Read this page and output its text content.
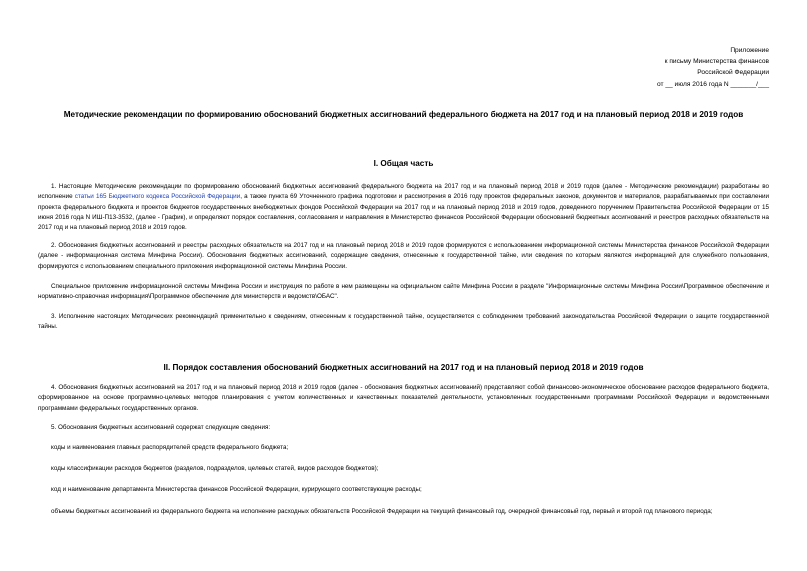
Приложение
к письму Министерства финансов
Российской Федерации
от __ июля 2016 года N _______/___
Методические рекомендации по формированию обоснований бюджетных ассигнований федерального бюджета на 2017 год и на плановый период 2018 и 2019 годов
I. Общая часть
1. Настоящие Методические рекомендации по формированию обоснований бюджетных ассигнований федерального бюджета на 2017 год и на плановый период 2018 и 2019 годов (далее - Методические рекомендации) разработаны во исполнение статьи 165 Бюджетного кодекса Российской Федерации, а также пункта 69 Уточненного графика подготовки и рассмотрения в 2016 году проектов федеральных законов, документов и материалов, разрабатываемых при составлении проекта федерального бюджета и проектов бюджетов государственных внебюджетных фондов Российской Федерации на 2017 год и на плановый период 2018 и 2019 годов, доведенного поручением Правительства Российской Федерации от 15 июня 2016 года N ИШ-П13-3532, (далее - График), и определяют порядок составления, согласования и направления в Министерство финансов Российской Федерации обоснований бюджетных ассигнований и реестров расходных обязательств на 2017 год и на плановый период 2018 и 2019 годов.
2. Обоснования бюджетных ассигнований и реестры расходных обязательств на 2017 год и на плановый период 2018 и 2019 годов формируются с использованием информационной системы Министерства финансов Российской Федерации (далее - информационная система Минфина России). Обоснования бюджетных ассигнований, содержащие сведения, отнесенные к государственной тайне, или сведения по которым являются информацией для служебного пользования, формируются с использованием специального приложения информационной системы Минфина России.
Специальное приложение информационной системы Минфина России и инструкция по работе в нем размещены на официальном сайте Минфина России в разделе "Информационные системы Минфина России\Программное обеспечение и нормативно-справочная информация\Программное обеспечение для министерств и ведомств\ОБАС".
3. Исполнение настоящих Методических рекомендаций применительно к сведениям, отнесенным к государственной тайне, осуществляется с соблюдением требований законодательства Российской Федерации о защите государственной тайны.
II. Порядок составления обоснований бюджетных ассигнований на 2017 год и на плановый период 2018 и 2019 годов
4. Обоснования бюджетных ассигнований на 2017 год и на плановый период 2018 и 2019 годов (далее - обоснования бюджетных ассигнований) представляют собой финансово-экономическое обоснование расходов федерального бюджета, сформированное на основе программно-целевых методов планирования с учетом количественных и качественных показателей деятельности, установленных государственными программами Российской Федерации и ведомственными программами федеральных государственных органов.
5. Обоснования бюджетных ассигнований содержат следующие сведения:
коды и наименования главных распорядителей средств федерального бюджета;
коды классификации расходов бюджетов (разделов, подразделов, целевых статей, видов расходов бюджетов);
код и наименование департамента Министерства финансов Российской Федерации, курирующего соответствующие расходы;
объемы бюджетных ассигнований из федерального бюджета на исполнение расходных обязательств Российской Федерации на текущий финансовый год, очередной финансовый год, первый и второй год планового периода;
